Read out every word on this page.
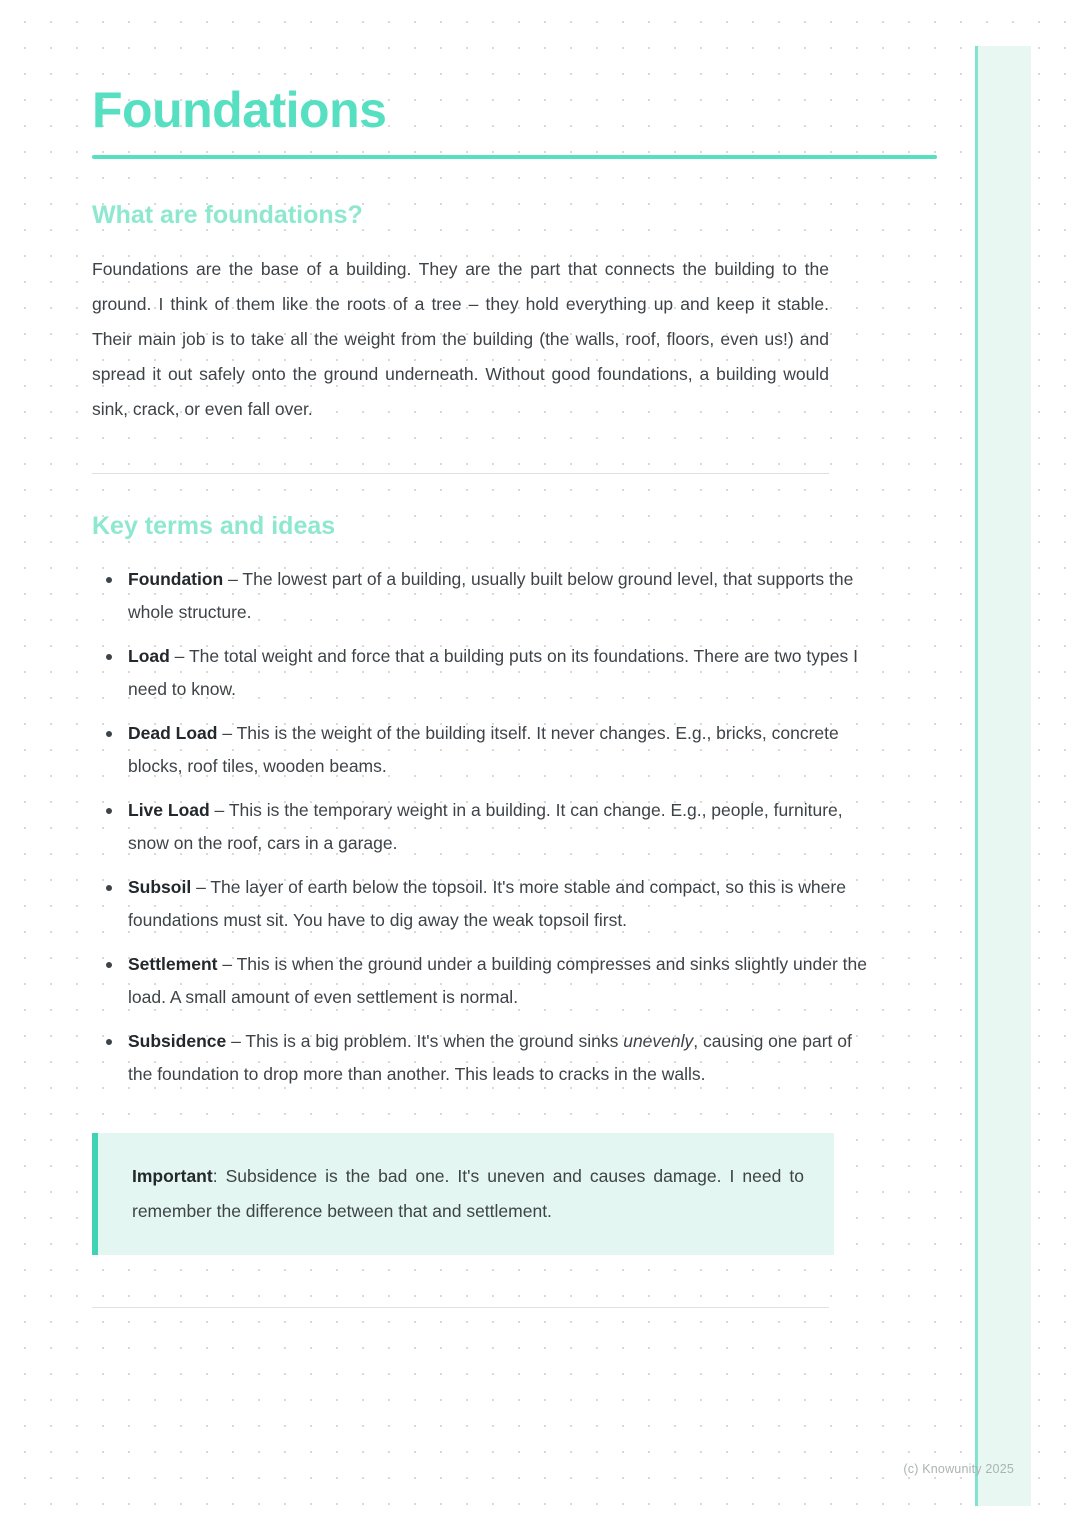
Foundations
What are foundations?

Foundations are the base of a building. They are the part that connects the building to the ground. I think of them like the roots of a tree – they hold everything up and keep it stable. Their main job is to take all the weight from the building (the walls, roof, floors, even us!) and spread it out safely onto the ground underneath. Without good foundations, a building would sink, crack, or even fall over.

Key terms and ideas
Foundation – The lowest part of a building, usually built below ground level, that supports the whole structure.
Load – The total weight and force that a building puts on its foundations. There are two types I need to know.
Dead Load – This is the weight of the building itself. It never changes. E.g., bricks, concrete blocks, roof tiles, wooden beams.
Live Load – This is the temporary weight in a building. It can change. E.g., people, furniture, snow on the roof, cars in a garage.
Subsoil – The layer of earth below the topsoil. It's more stable and compact, so this is where foundations must sit. You have to dig away the weak topsoil first.
Settlement – This is when the ground under a building compresses and sinks slightly under the load. A small amount of even settlement is normal.
Subsidence – This is a big problem. It's when the ground sinks unevenly, causing one part of the foundation to drop more than another. This leads to cracks in the walls.

Important: Subsidence is the bad one. It's uneven and causes damage. I need to remember the difference between that and settlement.

(c) Knowunity 2025
